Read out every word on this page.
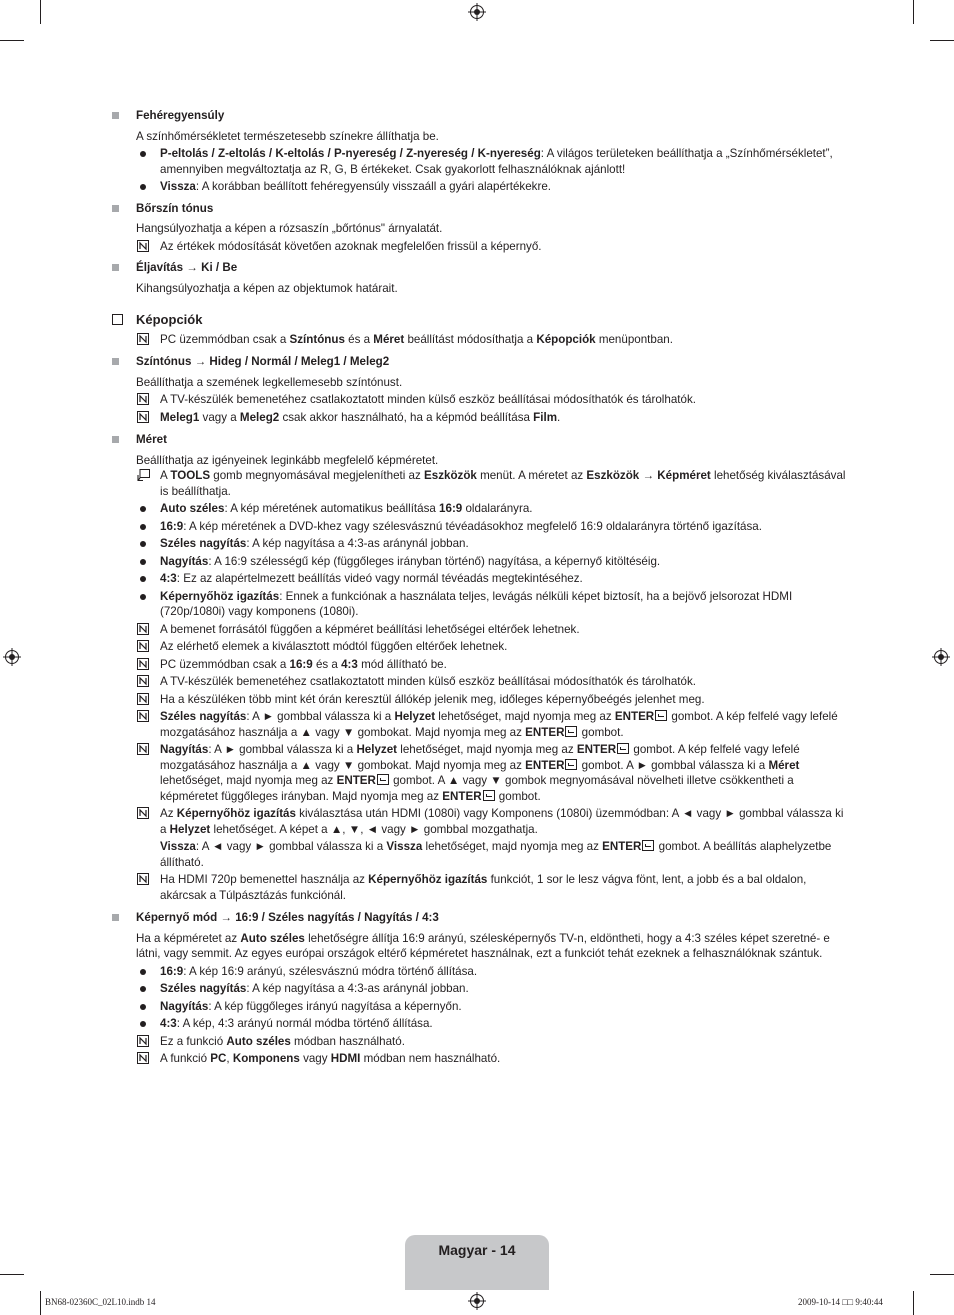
Fehéregyensúly
A színhőmérsékletet természetesebb színekre állíthatja be.
P-eltolás / Z-eltolás / K-eltolás / P-nyereség / Z-nyereség / K-nyereség: A világos területeken beállíthatja a „Színhőmérsékletet”, amennyiben megváltoztatja az R, G, B értékeket. Csak gyakorlott felhasználóknak ajánlott!
Vissza: A korábban beállított fehéregyensúly visszaáll a gyári alapértékekre.
Bőrszín tónus
Hangsúlyozhatja a képen a rózsaszín „bőrtónus" árnyalatát.
Az értékek módosítását követően azoknak megfelelően frissül a képernyő.
Éljavítás → Ki / Be
Kihangsúlyozhatja a képen az objektumok határait.
Képopciók
PC üzemmódban csak a Színtónus és a Méret beállítást módosíthatja a Képopciók menüpontban.
Színtónus → Hideg / Normál / Meleg1 / Meleg2
Beállíthatja a szemének legkellemesebb színtónust.
A TV-készülék bemenetéhez csatlakoztatott minden külső eszköz beállításai módosíthatók és tárolhatók.
Meleg1 vagy a Meleg2 csak akkor használható, ha a képmód beállítása Film.
Méret
Beállíthatja az igényeinek leginkább megfelelő képméretet.
A TOOLS gomb megnyomásával megjelenítheti az Eszközök menüt. A méretet az Eszközök → Képméret lehetőség kiválasztásával is beállíthatja.
Auto széles: A kép méretének automatikus beállítása 16:9 oldalarányra.
16:9: A kép méretének a DVD-khez vagy szélesvásznú tévéadásokhoz megfelelő 16:9 oldalarányra történő igazítása.
Széles nagyítás: A kép nagyítása a 4:3-as aránynál jobban.
Nagyítás: A 16:9 szélességű kép (függőleges irányban történő) nagyítása, a képernyő kitöltéséig.
4:3: Ez az alapértelmezett beállítás videó vagy normál tévéadás megtekintéséhez.
Képernyőhöz igazítás: Ennek a funkciónak a használata teljes, levágás nélküli képet biztosít, ha a bejövő jelsorozat HDMI (720p/1080i) vagy komponens (1080i).
A bemenet forrásától függően a képméret beállítási lehetőségei eltérőek lehetnek.
Az elérhető elemek a kiválasztott módtól függően eltérőek lehetnek.
PC üzemmódban csak a 16:9 és a 4:3 mód állítható be.
A TV-készülék bemenetéhez csatlakoztatott minden külső eszköz beállításai módosíthatók és tárolhatók.
Ha a készüléken több mint két órán keresztül állókép jelenik meg, időleges képernyőbeégés jelenhet meg.
Széles nagyítás: A ► gombbal válassza ki a Helyzet lehetőséget, majd nyomja meg az ENTER gombot. A kép felfelé vagy lefelé mozgatásához használja a ▲ vagy ▼ gombokat. Majd nyomja meg az ENTER gombot.
Nagyítás: A ► gombbal válassza ki a Helyzet lehetőséget, majd nyomja meg az ENTER gombot. A kép felfelé vagy lefelé mozgatásához használja a ▲ vagy ▼ gombokat. Majd nyomja meg az ENTER gombot. A ► gombbal válassza ki a Méret lehetőséget, majd nyomja meg az ENTER gombot. A ▲ vagy ▼ gombok megnyomásával növelheti illetve csökkentheti a képméretet függőleges irányban. Majd nyomja meg az ENTER gombot.
Az Képernyőhöz igazítás kiválasztása után HDMI (1080i) vagy Komponens (1080i) üzemmódban: A ◄ vagy ► gombbal válassza ki a Helyzet lehetőséget. A képet a ▲, ▼, ◄ vagy ► gombbal mozgathatja.
Vissza: A ◄ vagy ► gombbal válassza ki a Vissza lehetőséget, majd nyomja meg az ENTER gombot. A beállítás alaphelyzetbe állítható.
Ha HDMI 720p bemenettel használja az Képernyőhöz igazítás funkciót, 1 sor le lesz vágva fönt, lent, a jobb és a bal oldalon, akárcsak a Túlpásztázás funkciónál.
Képernyő mód → 16:9 / Széles nagyítás / Nagyítás / 4:3
Ha a képméretet az Auto széles lehetőségre állítja 16:9 arányú, szélesképernyős TV-n, eldöntheti, hogy a 4:3 széles képet szeretné- e látni, vagy semmit. Az egyes európai országok eltérő képméretet használnak, ezt a funkciót tehát ezeknek a felhasználóknak szántuk.
16:9: A kép 16:9 arányú, szélesvásznú módra történő állítása.
Széles nagyítás: A kép nagyítása a 4:3-as aránynál jobban.
Nagyítás: A kép függőleges irányú nagyítása a képernyőn.
4:3: A kép, 4:3 arányú normál módba történő állítása.
Ez a funkció Auto széles módban használható.
A funkció PC, Komponens vagy HDMI módban nem használható.
Magyar - 14
BN68-02360C_02L10.indb 14	2009-10-14 □□ 9:40:44
